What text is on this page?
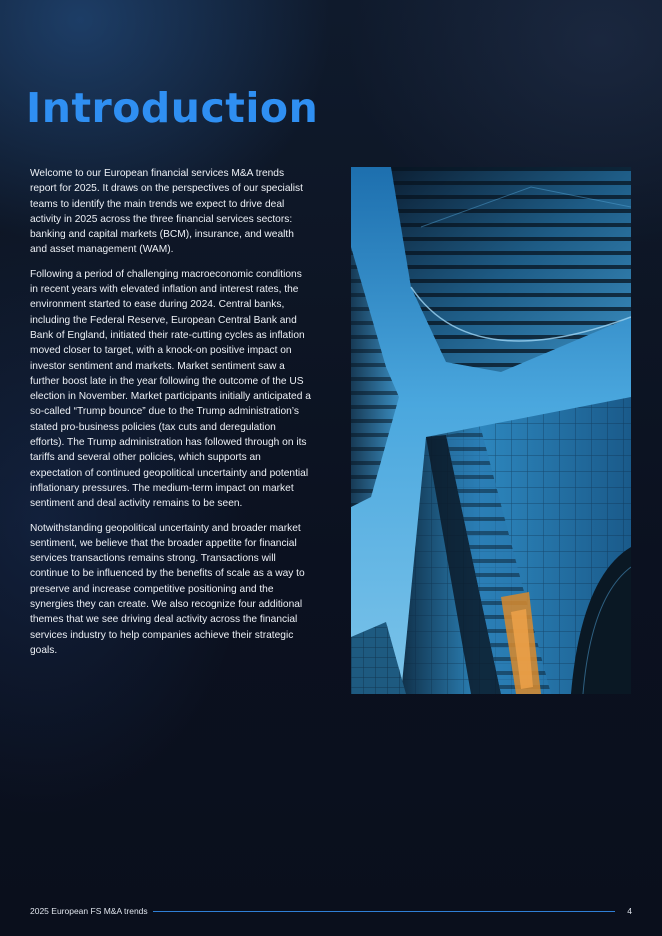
Introduction

Welcome to our European financial services M&A trends report for 2025. It draws on the perspectives of our specialist teams to identify the main trends we expect to drive deal activity in 2025 across the three financial services sectors: banking and capital markets (BCM), insurance, and wealth and asset management (WAM).

Following a period of challenging macroeconomic conditions in recent years with elevated inflation and interest rates, the environment started to ease during 2024. Central banks, including the Federal Reserve, European Central Bank and Bank of England, initiated their rate-cutting cycles as inflation moved closer to target, with a knock-on positive impact on investor sentiment and markets. Market sentiment saw a further boost late in the year following the outcome of the US election in November. Market participants initially anticipated a so-called “Trump bounce” due to the Trump administration’s stated pro-business policies (tax cuts and deregulation efforts). The Trump administration has followed through on its tariffs and several other policies, which supports an expectation of continued geopolitical uncertainty and potential inflationary pressures. The medium-term impact on market sentiment and deal activity remains to be seen.

Notwithstanding geopolitical uncertainty and broader market sentiment, we believe that the broader appetite for financial services transactions remains strong. Transactions will continue to be influenced by the benefits of scale as a way to preserve and increase competitive positioning and the synergies they can create. We also recognize four additional themes that we see driving deal activity across the financial services industry to help companies achieve their strategic goals.

2025 European FS M&A trends	4
